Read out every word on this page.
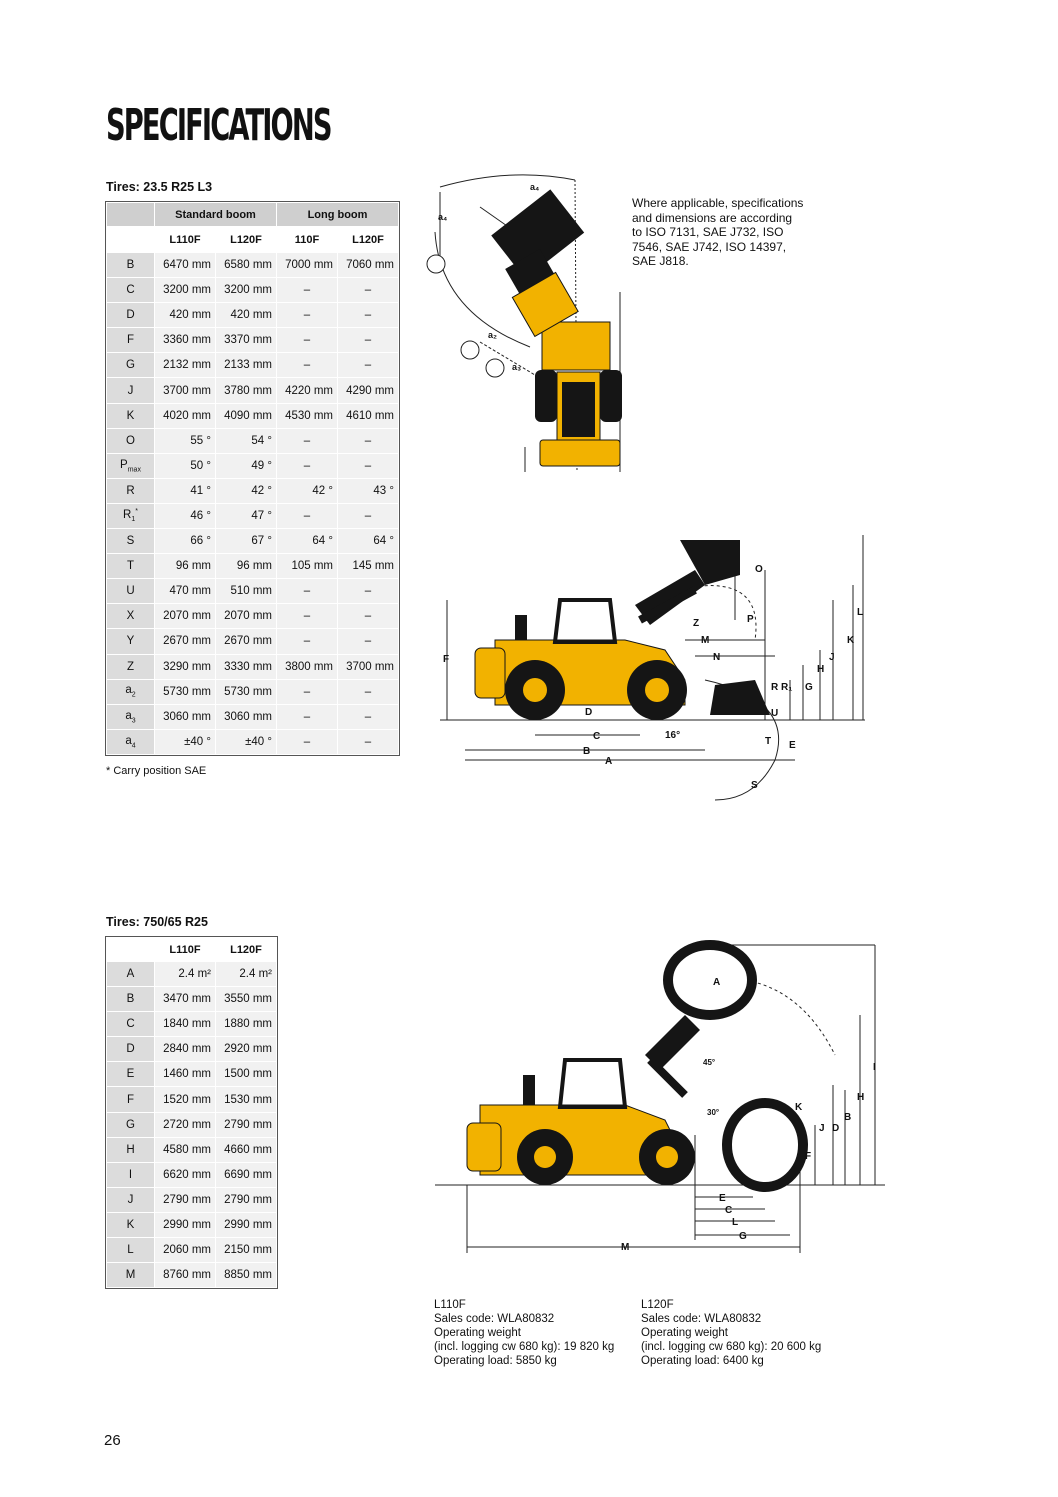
SPECIFICATIONS

Tires: 23.5 R25 L3

	Standard boom		Long boom	
	L110F	L120F	110F	L120F
B	6470 mm	6580 mm	7000 mm	7060 mm
C	3200 mm	3200 mm	–	–
D	420 mm	420 mm	–	–
F	3360 mm	3370 mm	–	–
G	2132 mm	2133 mm	–	–
J	3700 mm	3780 mm	4220 mm	4290 mm
K	4020 mm	4090 mm	4530 mm	4610 mm
O	55 °	54 °	–	–
$P_{max}$	50 °	49 °	–	–
R	41 °	42 °	42 °	43 °
$R_1^*$	46 °	47 °	–	–
S	66 °	67 °	64 °	64 °
T	96 mm	96 mm	105 mm	145 mm
U	470 mm	510 mm	–	–
X	2070 mm	2070 mm	–	–
Y	2670 mm	2670 mm	–	–
Z	3290 mm	3330 mm	3800 mm	3700 mm
$a_2$	5730 mm	5730 mm	–	–
$a_3$	3060 mm	3060 mm	–	–
$a_4$	±40 °	±40 °	–	–
* Carry position SAE
Where applicable, specifications
and dimensions are according
to ISO 7131, SAE J732, ISO
7546, SAE J742, ISO 14397,
SAE J818.
a₄
a₄
a₂
a₃
O
L
K
J
H
G
F
Z
M
N
P
R R₁
D	U
T E
C
B
A
S
16°

Tires: 750/65 R25

	L110F	L120F
A	2.4 m²	2.4 m²
B	3470 mm	3550 mm
C	1840 mm	1880 mm
D	2840 mm	2920 mm
E	1460 mm	1500 mm
F	1520 mm	1530 mm
G	2720 mm	2790 mm
H	4580 mm	4660 mm
I	6620 mm	6690 mm
J	2790 mm	2790 mm
K	2990 mm	2990 mm
L	2060 mm	2150 mm
M	8760 mm	8850 mm
A
I
H
B
D
J
K
F
E
C
L
G
M
45°
30°
L110F
Sales code: WLA80832
Operating weight
(incl. logging cw 680 kg): 19 820 kg
Operating load: 5850 kg
L120F
Sales code: WLA80832
Operating weight
(incl. logging cw 680 kg): 20 600 kg
Operating load: 6400 kg
26
